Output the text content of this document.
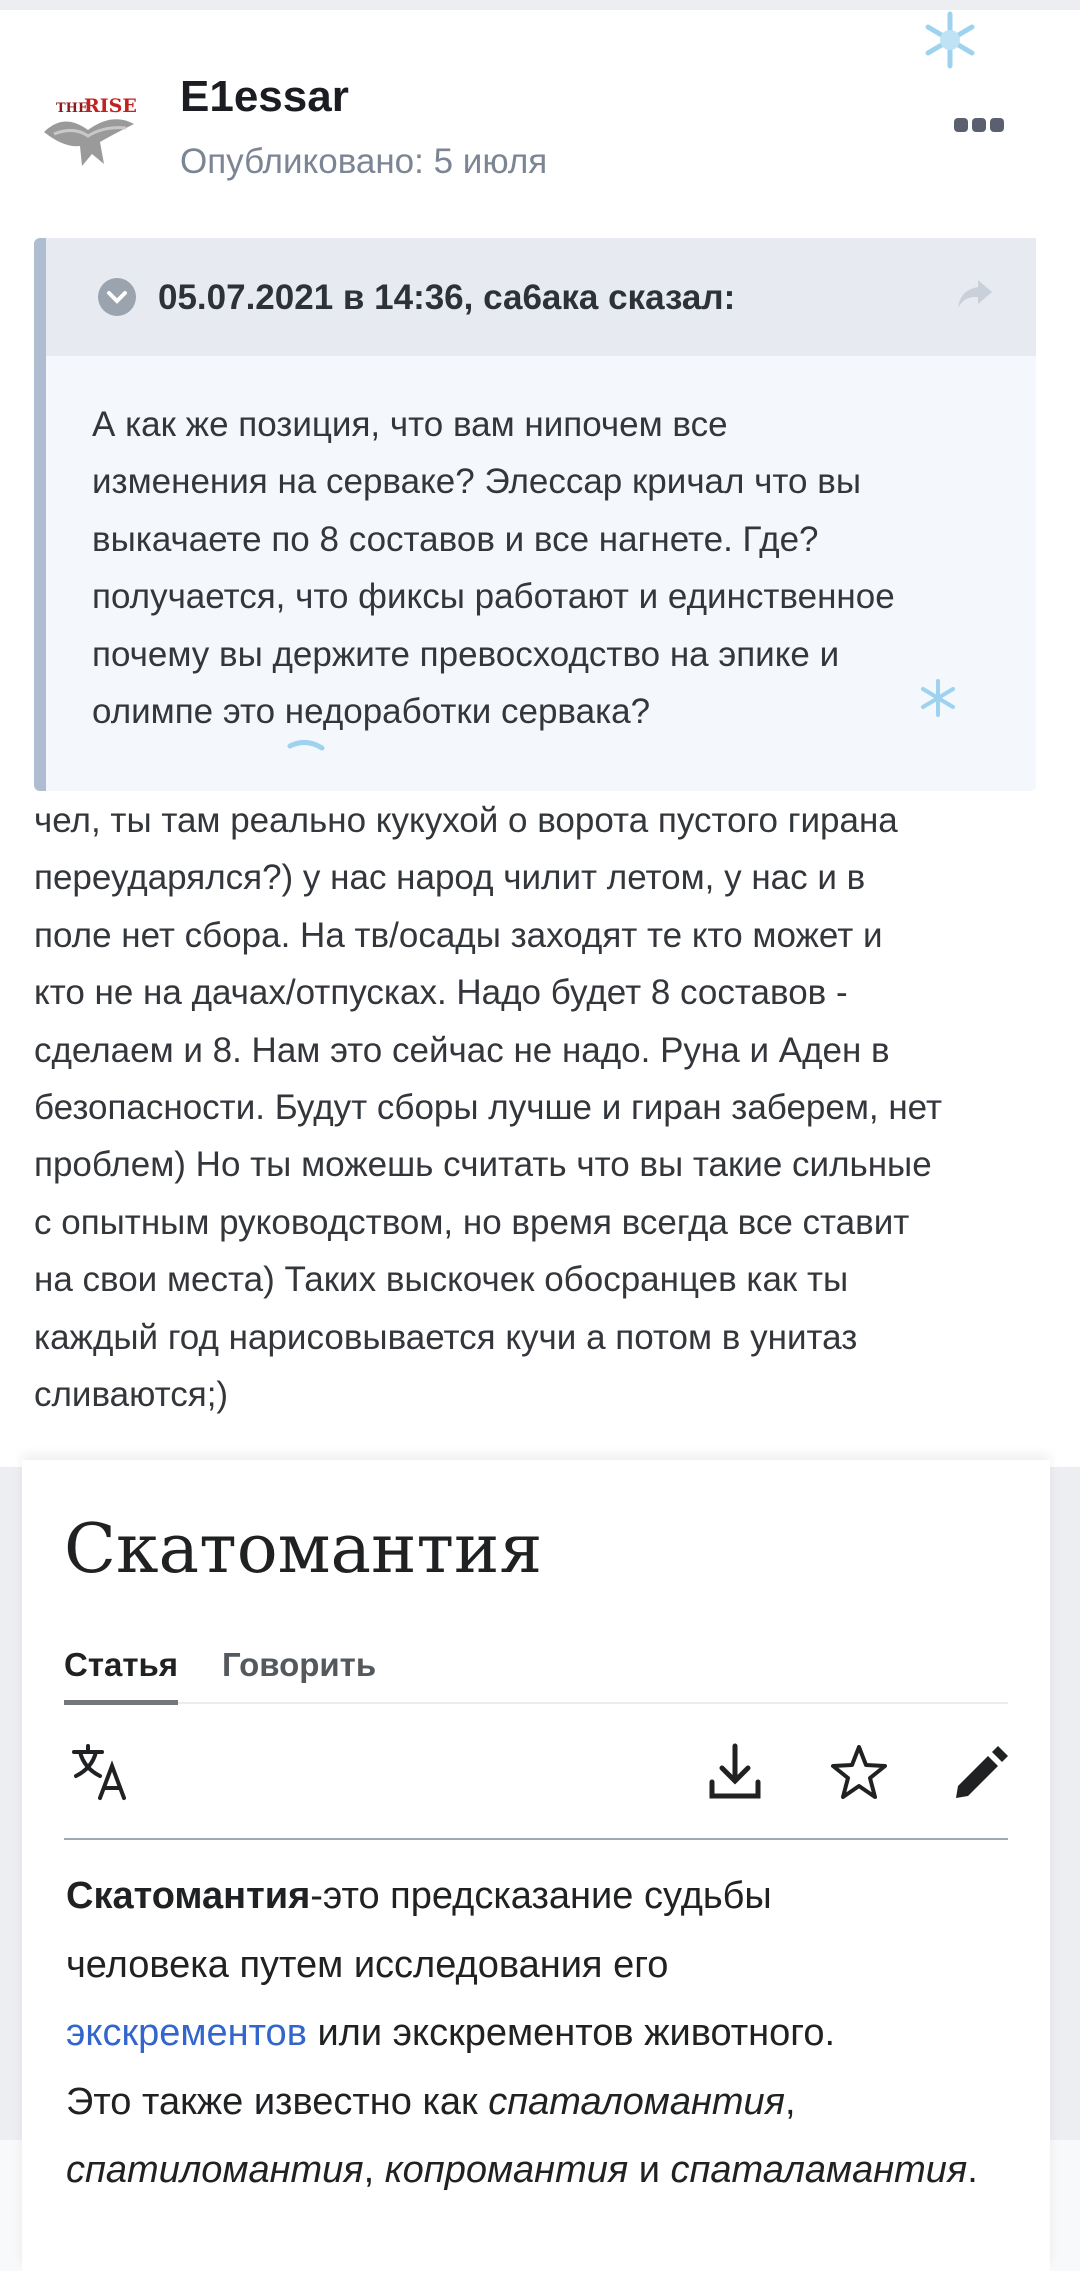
THE
RISE E1essar
Опубликовано: 5 июля
05.07.2021 в 14:36, са6ака сказал:
А как же позиция, что вам нипочем все
изменения на серваке? Элессар кричал что вы
выкачаете по 8 составов и все нагнете. Где?
получается, что фиксы работают и единственное
почему вы держите превосходство на эпике и
олимпе это недоработки сервака?
чел, ты там реально кукухой о ворота пустого гирана
переударялся?) у нас народ чилит летом, у нас и в
поле нет сбора. На тв/осады заходят те кто может и
кто не на дачах/отпусках. Надо будет 8 составов -
сделаем и 8. Нам это сейчас не надо. Руна и Аден в
безопасности. Будут сборы лучше и гиран заберем, нет
проблем) Но ты можешь считать что вы такие сильные
с опытным руководством, но время всегда все ставит
на свои места) Таких выскочек обосранцев как ты
каждый год нарисовывается кучи а потом в унитаз
сливаются;)
Скатомантия
Статья Говорить
Скатомантия-это предсказание судьбы
человека путем исследования его
экскрементов или экскрементов животного.
Это также известно как спаталомантия,
спатиломантия, копромантия и спаталамантия.
